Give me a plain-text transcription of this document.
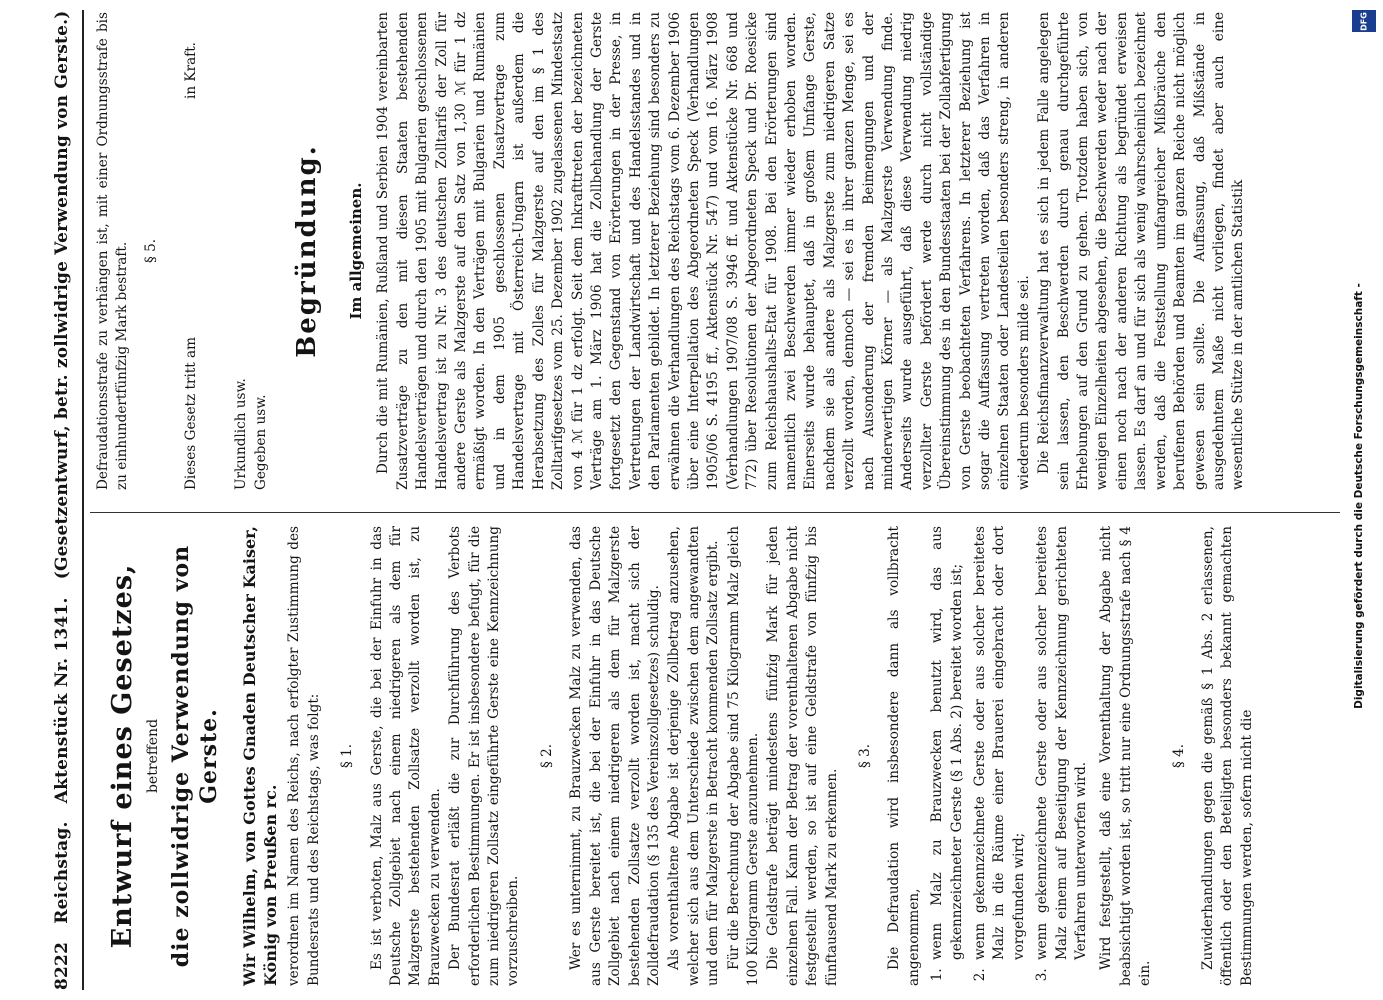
8222 Reichstag. Aktenstück Nr. 1341. (Gesetzentwurf, betr. zollwidrige Verwendung von Gerste.)
Entwurf eines Gesetzes, betreffend die zollwidrige Verwendung von Gerste. Wir Wilhelm, von Gottes Gnaden Deutscher Kaiser, König von Preußen rc. verordnen im Namen des Reichs, nach erfolgter Zustimmung des Bundesrats und des Reichstags, was folgt: § 1. Es ist verboten, Malz aus Gerste, die bei der Einfuhr in das Deutsche Zollgebiet nach einem niedrigeren als dem für Malzgerste bestehenden Zollsatze verzollt worden ist, zu Brauzwecken zu verwenden. Der Bundesrat erläßt die zur Durchführung des Verbots erforderlichen Bestimmungen. Er ist insbesondere befugt, für die zum niedrigeren Zollsatz eingeführte Gerste eine Kennzeichnung vorzuschreiben.

§ 2. Wer es unternimmt, zu Brauzwecken Malz zu verwenden, das aus Gerste bereitet ist, die bei der Einfuhr in das Deutsche Zollgebiet nach einem niedrigeren als dem für Malzgerste bestehenden Zollsatze verzollt worden ist, macht sich der Zolldefraudation (§ 135 des Vereinszollgesetzes) schuldig. Als vorenthaltene Abgabe ist derjenige Zollbetrag anzusehen, welcher sich aus dem Unterschiede zwischen dem angewandten und dem für Malzgerste in Betracht kommenden Zollsatz ergibt. Für die Berechnung der Abgabe sind 75 Kilogramm Malz gleich 100 Kilogramm Gerste anzunehmen. Die Geldstrafe beträgt mindestens fünfzig Mark für jeden einzelnen Fall. Kann der Betrag der vorenthaltenen Abgabe nicht festgestellt werden, so ist auf eine Geldstrafe von fünfzig bis fünftausend Mark zu erkennen.

§ 3. Die Defraudation wird insbesondere dann als vollbracht angenommen, 1. wenn Malz zu Brauzwecken benutzt wird, das aus gekennzeichneter Gerste (§ 1 Abs. 2) bereitet worden ist; 2. wenn gekennzeichnete Gerste oder aus solcher bereitetes Malz in die Räume einer Brauerei eingebracht oder dort vorgefunden wird; 3. wenn gekennzeichnete Gerste oder aus solcher bereitetes Malz einem auf Beseitigung der Kennzeichnung gerichteten Verfahren unterworfen wird. Wird festgestellt, daß eine Vorenthaltung der Abgabe nicht beabsichtigt worden ist, so tritt nur eine Ordnungsstrafe nach § 4 ein.

§ 4. Zuwiderhandlungen gegen die gemäß § 1 Abs. 2 erlassenen, öffentlich oder den Beteiligten besonders bekannt gemachten Bestimmungen werden, sofern nicht die

Defraudationsstrafe zu verhängen ist, mit einer Ordnungsstrafe bis zu einhundertfünfzig Mark bestraft. § 5.
Dieses Gesetz tritt am
in Kraft.

Urkundlich usw. Gegeben usw.

Begründung. Im allgemeinen. Durch die mit Rumänien, Rußland und Serbien 1904 vereinbarten Zusatzverträge zu den mit diesen Staaten bestehenden Handelsverträgen und durch den 1905 mit Bulgarien geschlossenen Handelsvertrag ist zu Nr. 3 des deutschen Zolltarifs der Zoll für andere Gerste als Malzgerste auf den Satz von 1,30 ℳ für 1 dz ermäßigt worden. In den Verträgen mit Bulgarien und Rumänien und in dem 1905 geschlossenen Zusatzvertrage zum Handelsvertrage mit Österreich-Ungarn ist außerdem die Herabsetzung des Zolles für Malzgerste auf den im § 1 des Zolltarifgesetzes vom 25. Dezember 1902 zugelassenen Mindestsatz von 4 ℳ für 1 dz erfolgt. Seit dem Inkrafttreten der bezeichneten Verträge am 1. März 1906 hat die Zollbehandlung der Gerste fortgesetzt den Gegenstand von Erörterungen in der Presse, in Vertretungen der Landwirtschaft und des Handelsstandes und in den Parlamenten gebildet. In letzterer Beziehung sind besonders zu erwähnen die Verhandlungen des Reichstags vom 6. Dezember 1906 über eine Interpellation des Abgeordneten Speck (Verhandlungen 1905/06 S. 4195 ff., Aktenstück Nr. 547) und vom 16. März 1908 (Verhandlungen 1907/08 S. 3946 ff. und Aktenstücke Nr. 668 und 772) über Resolutionen der Abgeordneten Speck und Dr. Roesicke zum Reichshaushalts-Etat für 1908. Bei den Erörterungen sind namentlich zwei Beschwerden immer wieder erhoben worden. Einerseits wurde behauptet, daß in großem Umfange Gerste, nachdem sie als andere als Malzgerste zum niedrigeren Satze verzollt worden, dennoch — sei es in ihrer ganzen Menge, sei es nach Ausonderung der fremden Beimengungen und der minderwertigen Körner — als Malzgerste Verwendung finde. Anderseits wurde ausgeführt, daß diese Verwendung niedrig verzollter Gerste befördert werde durch nicht vollständige Übereinstimmung des in den Bundesstaaten bei der Zollabfertigung von Gerste beobachteten Verfahrens. In letzterer Beziehung ist sogar die Auffassung vertreten worden, daß das Verfahren in einzelnen Staaten oder Landesteilen besonders streng, in anderen wiederum besonders milde sei. Die Reichsfinanzverwaltung hat es sich in jedem Falle angelegen sein lassen, den Beschwerden durch genau durchgeführte Erhebungen auf den Grund zu gehen. Trotzdem haben sich, von wenigen Einzelheiten abgesehen, die Beschwerden weder nach der einen noch nach der anderen Richtung als begründet erweisen lassen. Es darf an und für sich als wenig wahrscheinlich bezeichnet werden, daß die Feststellung umfangreicher Mißbräuche den berufenen Behörden und Beamten im ganzen Reiche nicht möglich gewesen sein sollte. Die Auffassung, daß Mißstände in ausgedehntem Maße nicht vorliegen, findet aber auch eine wesentliche Stütze in der amtlichen Statistik

DFG
Digitalisierung gefördert durch die Deutsche Forschungsgemeinschaft -
